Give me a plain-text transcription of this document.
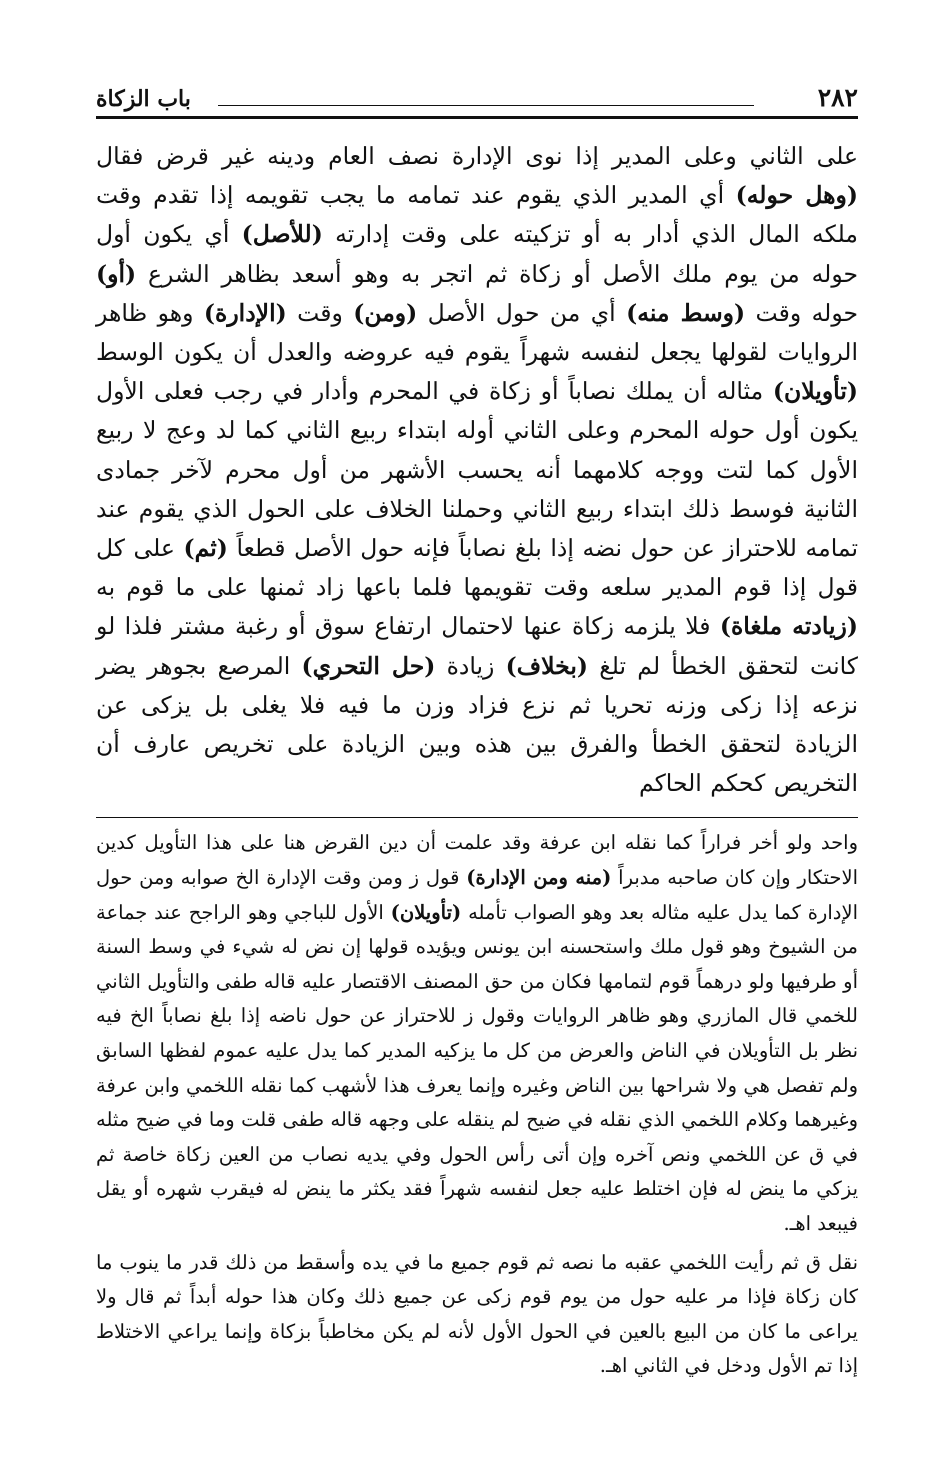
٢٨٢
باب الزكاة
على الثاني وعلى المدير إذا نوى الإدارة نصف العام ودينه غير قرض فقال (وهل حوله) أي المدير الذي يقوم عند تمامه ما يجب تقويمه إذا تقدم وقت ملكه المال الذي أدار به أو تزكيته على وقت إدارته (للأصل) أي يكون أول حوله من يوم ملك الأصل أو زكاة ثم اتجر به وهو أسعد بظاهر الشرع (أو) حوله وقت (وسط منه) أي من حول الأصل (ومن) وقت (الإدارة) وهو ظاهر الروايات لقولها يجعل لنفسه شهراً يقوم فيه عروضه والعدل أن يكون الوسط (تأويلان) مثاله أن يملك نصاباً أو زكاة في المحرم وأدار في رجب فعلى الأول يكون أول حوله المحرم وعلى الثاني أوله ابتداء ربيع الثاني كما لد وعج لا ربيع الأول كما لتت ووجه كلامهما أنه يحسب الأشهر من أول محرم لآخر جمادى الثانية فوسط ذلك ابتداء ربيع الثاني وحملنا الخلاف على الحول الذي يقوم عند تمامه للاحتراز عن حول نضه إذا بلغ نصاباً فإنه حول الأصل قطعاً (ثم) على كل قول إذا قوم المدير سلعه وقت تقويمها فلما باعها زاد ثمنها على ما قوم به (زيادته ملغاة) فلا يلزمه زكاة عنها لاحتمال ارتفاع سوق أو رغبة مشتر فلذا لو كانت لتحقق الخطأ لم تلغ (بخلاف) زيادة (حل التحري) المرصع بجوهر يضر نزعه إذا زكى وزنه تحريا ثم نزع فزاد وزن ما فيه فلا يغلى بل يزكى عن الزيادة لتحقق الخطأ والفرق بين هذه وبين الزيادة على تخريص عارف أن التخريص كحكم الحاكم

واحد ولو أخر فراراً كما نقله ابن عرفة وقد علمت أن دين القرض هنا على هذا التأويل كدين الاحتكار وإن كان صاحبه مدبراً (منه ومن الإدارة) قول ز ومن وقت الإدارة الخ صوابه ومن حول الإدارة كما يدل عليه مثاله بعد وهو الصواب تأمله (تأويلان) الأول للباجي وهو الراجح عند جماعة من الشيوخ وهو قول ملك واستحسنه ابن يونس ويؤيده قولها إن نض له شيء في وسط السنة أو طرفيها ولو درهماً قوم لتمامها فكان من حق المصنف الاقتصار عليه قاله طفى والتأويل الثاني للخمي قال المازري وهو ظاهر الروايات وقول ز للاحتراز عن حول ناضه إذا بلغ نصاباً الخ فيه نظر بل التأويلان في الناض والعرض من كل ما يزكيه المدير كما يدل عليه عموم لفظها السابق ولم تفصل هي ولا شراحها بين الناض وغيره وإنما يعرف هذا لأشهب كما نقله اللخمي وابن عرفة وغيرهما وكلام اللخمي الذي نقله في ضيح لم ينقله على وجهه قاله طفى قلت وما في ضيح مثله في ق عن اللخمي ونص آخره وإن أتى رأس الحول وفي يديه نصاب من العين زكاة خاصة ثم يزكي ما ينض له فإن اختلط عليه جعل لنفسه شهراً فقد يكثر ما ينض له فيقرب شهره أو يقل فيبعد اهـ.

نقل ق ثم رأيت اللخمي عقبه ما نصه ثم قوم جميع ما في يده وأسقط من ذلك قدر ما ينوب ما كان زكاة فإذا مر عليه حول من يوم قوم زكى عن جميع ذلك وكان هذا حوله أبداً ثم قال ولا يراعى ما كان من البيع بالعين في الحول الأول لأنه لم يكن مخاطباً بزكاة وإنما يراعي الاختلاط إذا تم الأول ودخل في الثاني اهـ.
